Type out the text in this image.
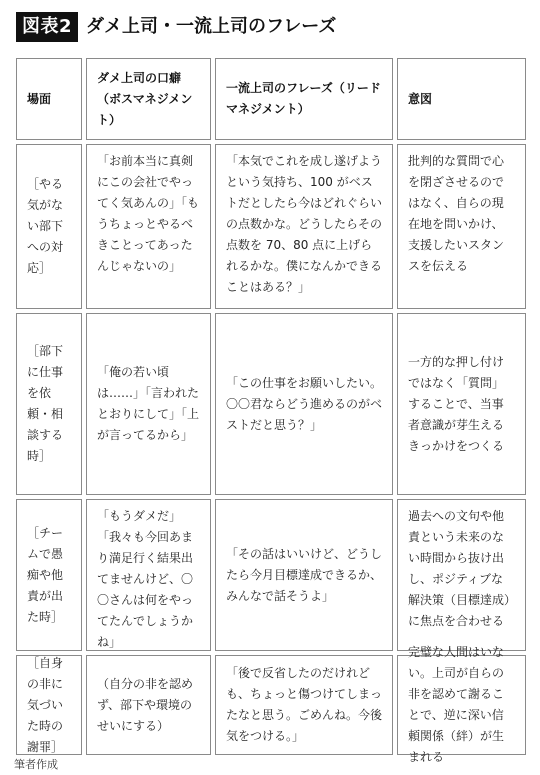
図表2 ダメ上司・一流上司のフレーズ
場面
ダメ上司の口癖（ボスマネジメント）
一流上司のフレーズ（リードマネジメント）
意図
［やる気がない部下への対応］
「お前本当に真剣にこの会社でやってく気あんの」「もうちょっとやるべきことってあったんじゃないの」
「本気でこれを成し遂げようという気持ち、100 がベストだとしたら今はどれぐらいの点数かな。どうしたらその点数を 70、80 点に上げられるかな。僕になんかできることはある？」
批判的な質問で心を閉ざさせるのではなく、自らの現在地を問いかけ、支援したいスタンスを伝える
［部下に仕事を依頼・相談する時］
「俺の若い頃は……」「言われたとおりにして」「上が言ってるから」
「この仕事をお願いしたい。〇〇君ならどう進めるのがベストだと思う？」
一方的な押し付けではなく「質問」することで、当事者意識が芽生えるきっかけをつくる
［チームで愚痴や他責が出た時］
「もうダメだ」「我々も今回あまり満足行く結果出てませんけど、〇〇さんは何をやってたんでしょうかね」
「その話はいいけど、どうしたら今月目標達成できるか、みんなで話そうよ」
過去への文句や他責という未来のない時間から抜け出し、ポジティブな解決策（目標達成）に焦点を合わせる
［自身の非に気づいた時の謝罪］
（自分の非を認めず、部下や環境のせいにする）
「後で反省したのだけれども、ちょっと傷つけてしまったなと思う。ごめんね。今後気をつける。」
完璧な人間はいない。上司が自らの非を認めて謝ることで、逆に深い信頼関係（絆）が生まれる
筆者作成
